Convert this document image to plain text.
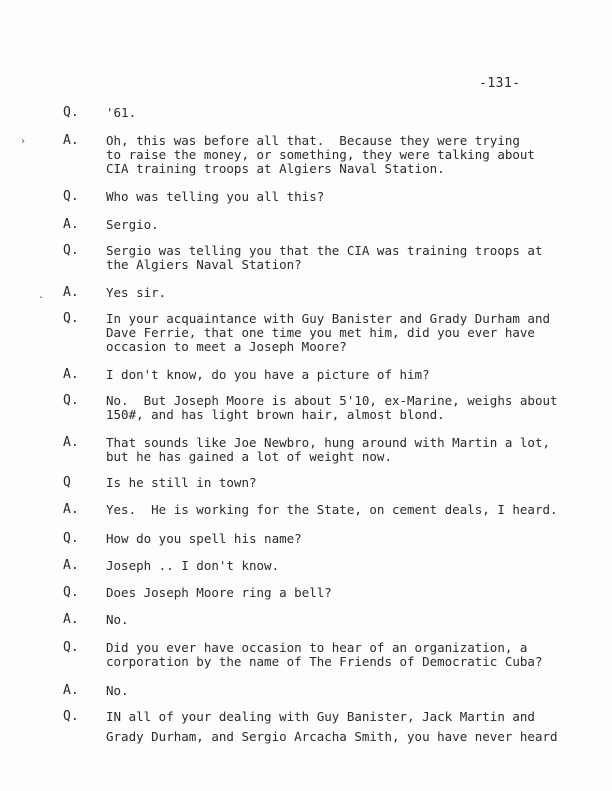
-131-
Q. '61.
A. Oh, this was before all that.  Because they were trying
to raise the money, or something, they were talking about
CIA training troops at Algiers Naval Station.
Q. Who was telling you all this?
A. Sergio.
Q. Sergio was telling you that the CIA was training troops at
the Algiers Naval Station?
A. Yes sir.
Q. In your acquaintance with Guy Banister and Grady Durham and
Dave Ferrie, that one time you met him, did you ever have
occasion to meet a Joseph Moore?
A. I don't know, do you have a picture of him?
Q. No.  But Joseph Moore is about 5'10, ex-Marine, weighs about
150#, and has light brown hair, almost blond.
A. That sounds like Joe Newbro, hung around with Martin a lot,
but he has gained a lot of weight now.
Q	Is he still in town?
A. Yes.  He is working for the State, on cement deals, I heard.
Q. How do you spell his name?
A. Joseph .. I don't know.
Q. Does Joseph Moore ring a bell?
A. No.
Q. Did you ever have occasion to hear of an organization, a
corporation by the name of The Friends of Democratic Cuba?
A. No.
Q. IN all of your dealing with Guy Banister, Jack Martin and
Grady Durham, and Sergio Arcacha Smith, you have never heard
›
.
